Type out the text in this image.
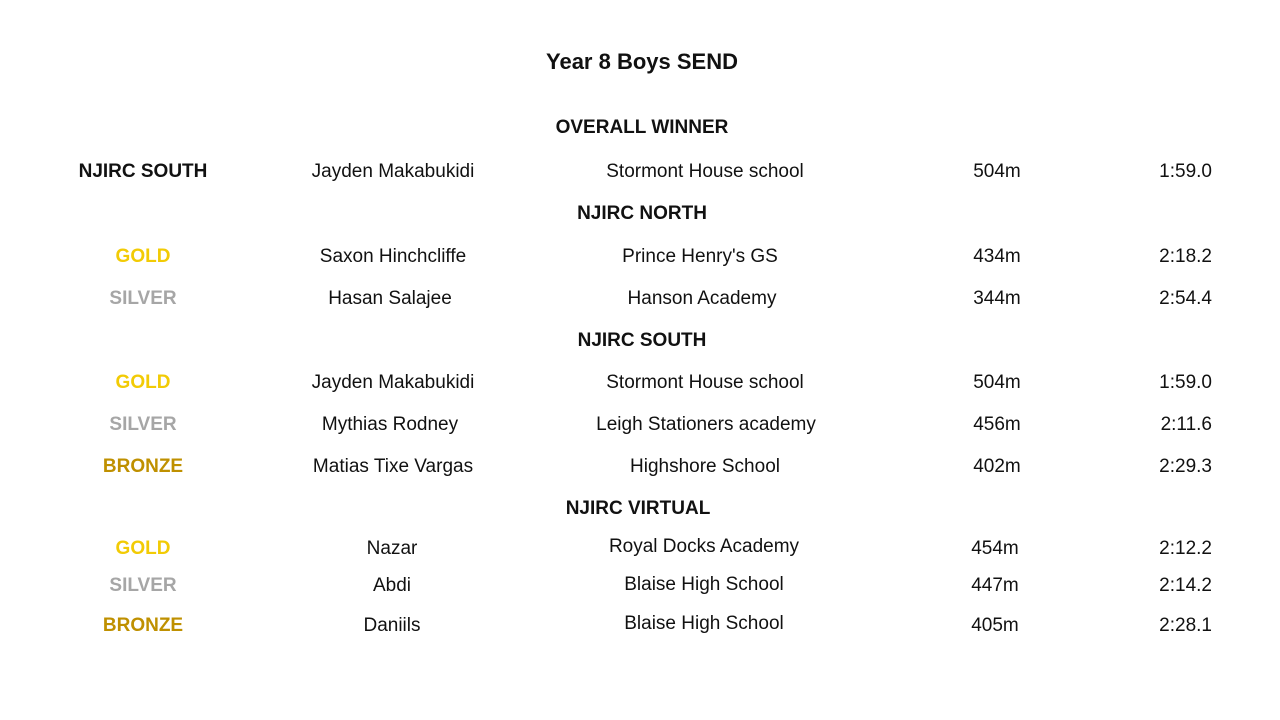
Year 8 Boys SEND
OVERALL WINNER
NJIRC SOUTH	Jayden Makabukidi	Stormont House school	504m	1:59.0
NJIRC NORTH
GOLD	Saxon Hinchcliffe	Prince Henry's GS	434m	2:18.2
SILVER	Hasan Salajee	Hanson Academy	344m	2:54.4
NJIRC SOUTH
GOLD	Jayden Makabukidi	Stormont House school	504m	1:59.0
SILVER	Mythias Rodney	Leigh Stationers academy	456m	2:11.6
BRONZE	Matias Tixe Vargas	Highshore School	402m	2:29.3
NJIRC VIRTUAL
GOLD	Nazar	Royal Docks Academy	454m	2:12.2
SILVER	Abdi	Blaise High School	447m	2:14.2
BRONZE	Daniils	Blaise High School	405m	2:28.1
